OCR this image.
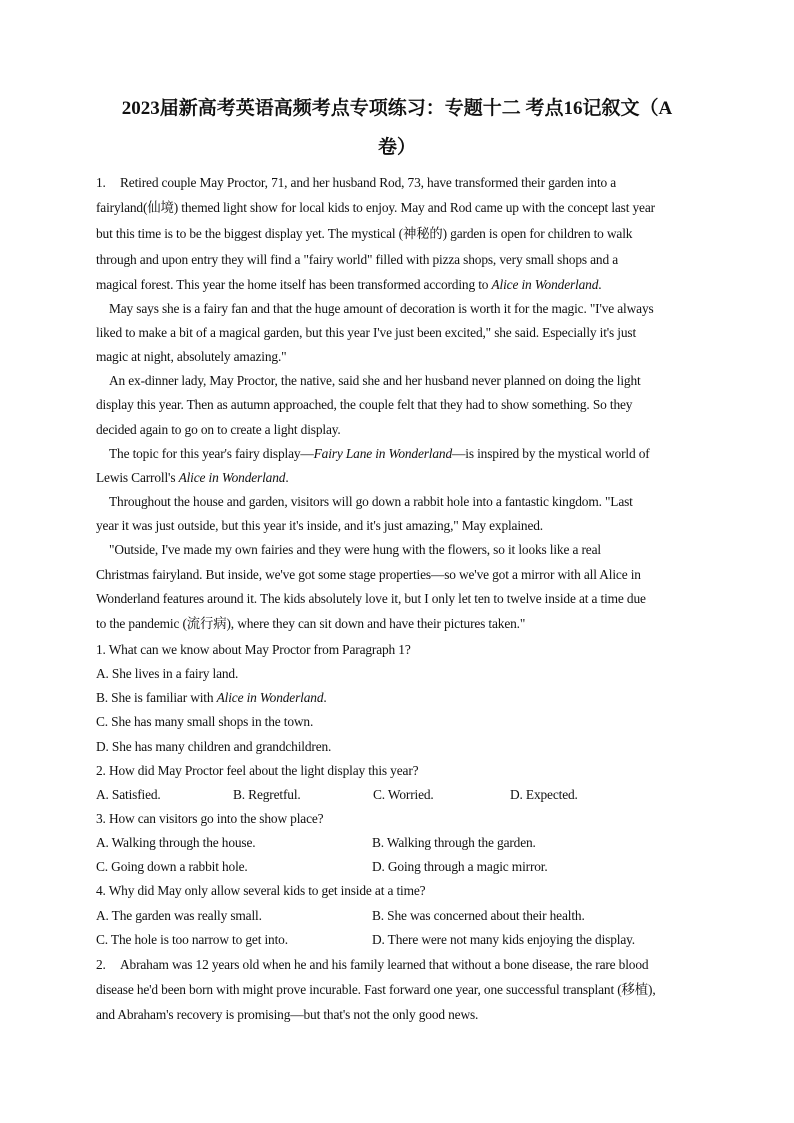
2023届新高考英语高频考点专项练习：专题十二 考点16记叙文（A
卷）
1. Retired couple May Proctor, 71, and her husband Rod, 73, have transformed their garden into a
fairyland(仙境) themed light show for local kids to enjoy. May and Rod came up with the concept last year
but this time is to be the biggest display yet. The mystical (神秘的) garden is open for children to walk
through and upon entry they will find a "fairy world" filled with pizza shops, very small shops and a
magical forest. This year the home itself has been transformed according to Alice in Wonderland.
May says she is a fairy fan and that the huge amount of decoration is worth it for the magic. "I've always
liked to make a bit of a magical garden, but this year I've just been excited," she said. Especially it's just
magic at night, absolutely amazing."
An ex-dinner lady, May Proctor, the native, said she and her husband never planned on doing the light
display this year. Then as autumn approached, the couple felt that they had to show something. So they
decided again to go on to create a light display.
The topic for this year's fairy display—Fairy Lane in Wonderland—is inspired by the mystical world of
Lewis Carroll's Alice in Wonderland.
Throughout the house and garden, visitors will go down a rabbit hole into a fantastic kingdom. "Last
year it was just outside, but this year it's inside, and it's just amazing," May explained.
"Outside, I've made my own fairies and they were hung with the flowers, so it looks like a real
Christmas fairyland. But inside, we've got some stage properties—so we've got a mirror with all Alice in
Wonderland features around it. The kids absolutely love it, but I only let ten to twelve inside at a time due
to the pandemic (流行病), where they can sit down and have their pictures taken."
1. What can we know about May Proctor from Paragraph 1?
A. She lives in a fairy land.
B. She is familiar with Alice in Wonderland.
C. She has many small shops in the town.
D. She has many children and grandchildren.
2. How did May Proctor feel about the light display this year?
A. Satisfied.	B. Regretful.	C. Worried.	D. Expected.
3. How can visitors go into the show place?
A. Walking through the house.	B. Walking through the garden.
C. Going down a rabbit hole.	D. Going through a magic mirror.
4. Why did May only allow several kids to get inside at a time?
A. The garden was really small.	B. She was concerned about their health.
C. The hole is too narrow to get into.	D. There were not many kids enjoying the display.
2. Abraham was 12 years old when he and his family learned that without a bone disease, the rare blood
disease he'd been born with might prove incurable. Fast forward one year, one successful transplant (移植),
and Abraham's recovery is promising—but that's not the only good news.
